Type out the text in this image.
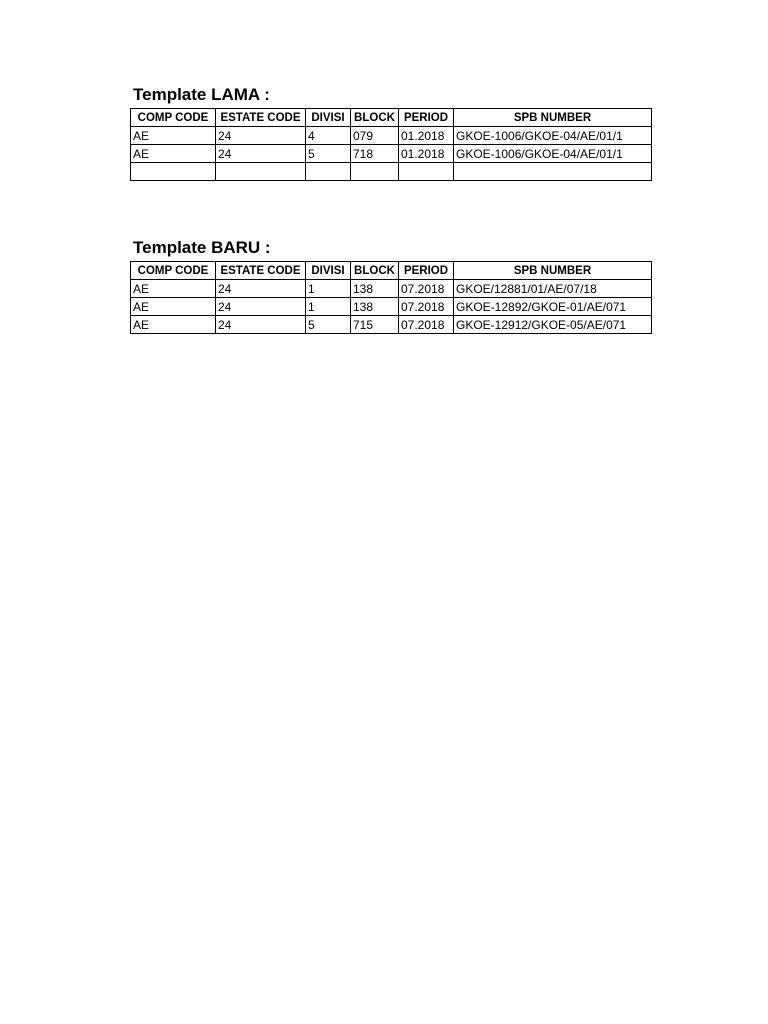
Template LAMA :
COMP CODE	ESTATE CODE	DIVISI	BLOCK	PERIOD	SPB NUMBER
AE	24	4	079	01.2018	GKOE-1006/GKOE-04/AE/01/1
AE	24	5	718	01.2018	GKOE-1006/GKOE-04/AE/01/1

Template BARU :
COMP CODE	ESTATE CODE	DIVISI	BLOCK	PERIOD	SPB NUMBER
AE	24	1	138	07.2018	GKOE/12881/01/AE/07/18
AE	24	1	138	07.2018	GKOE-12892/GKOE-01/AE/071
AE	24	5	715	07.2018	GKOE-12912/GKOE-05/AE/071
